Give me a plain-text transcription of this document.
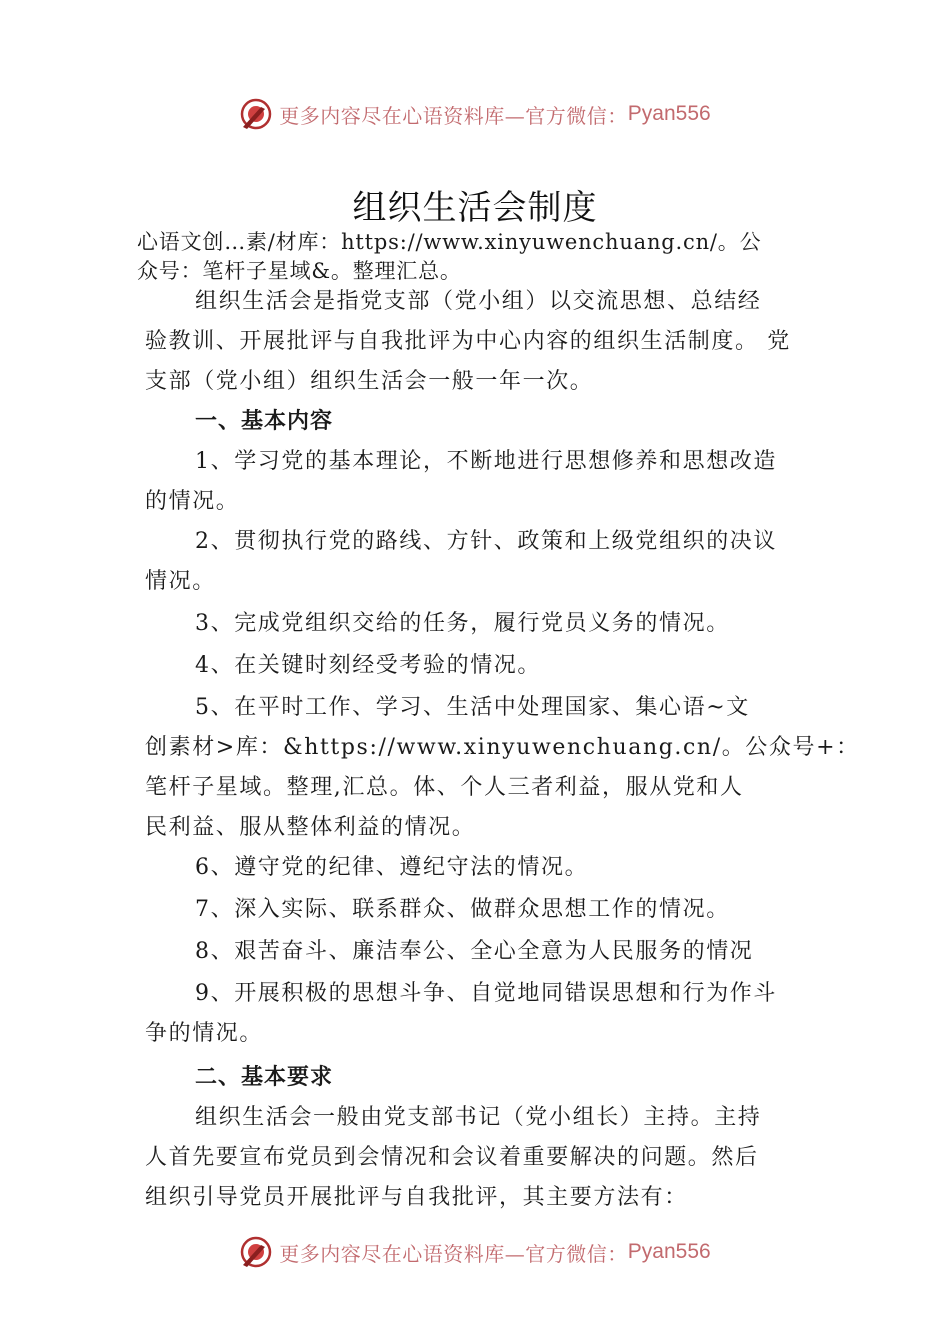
更多内容尽在心语资料库—官方微信： Pyan556
组织生活会制度
心语文创…素/材库：https://www.xinyuwenchuang.cn/。公
众号：笔杆子星域&。整理汇总。
组织生活会是指党支部（党小组）以交流思想、总结经
验教训、开展批评与自我批评为中心内容的组织生活制度。 党
支部（党小组）组织生活会一般一年一次。
一、基本内容
1、学习党的基本理论，不断地进行思想修养和思想改造
的情况。
2、贯彻执行党的路线、方针、政策和上级党组织的决议
情况。
3、完成党组织交给的任务，履行党员义务的情况。
4、在关键时刻经受考验的情况。
5、在平时工作、学习、生活中处理国家、集心语~文
创素材>库：&https://www.xinyuwenchuang.cn/。公众号+：
笔杆子星域。整理,汇总。体、个人三者利益，服从党和人
民利益、服从整体利益的情况。
6、遵守党的纪律、遵纪守法的情况。
7、深入实际、联系群众、做群众思想工作的情况。
8、艰苦奋斗、廉洁奉公、全心全意为人民服务的情况
9、开展积极的思想斗争、自觉地同错误思想和行为作斗
争的情况。
二、基本要求
组织生活会一般由党支部书记（党小组长）主持。主持
人首先要宣布党员到会情况和会议着重要解决的问题。然后
组织引导党员开展批评与自我批评，其主要方法有：
更多内容尽在心语资料库—官方微信： Pyan556
